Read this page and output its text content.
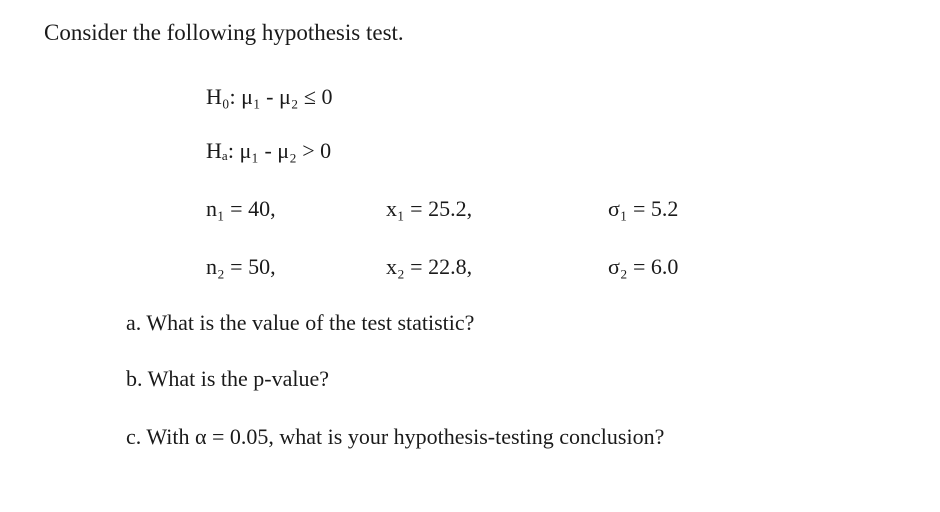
Consider the following hypothesis test.
H₀: μ₁ - μ₂ ≤ 0
Hₐ: μ₁ - μ₂ > 0
n₁ = 40,	x₁ = 25.2,	σ₁ = 5.2
n₂ = 50,	x₂ = 22.8,	σ₂ = 6.0
a. What is the value of the test statistic?
b. What is the p-value?
c. With α = 0.05, what is your hypothesis-testing conclusion?
